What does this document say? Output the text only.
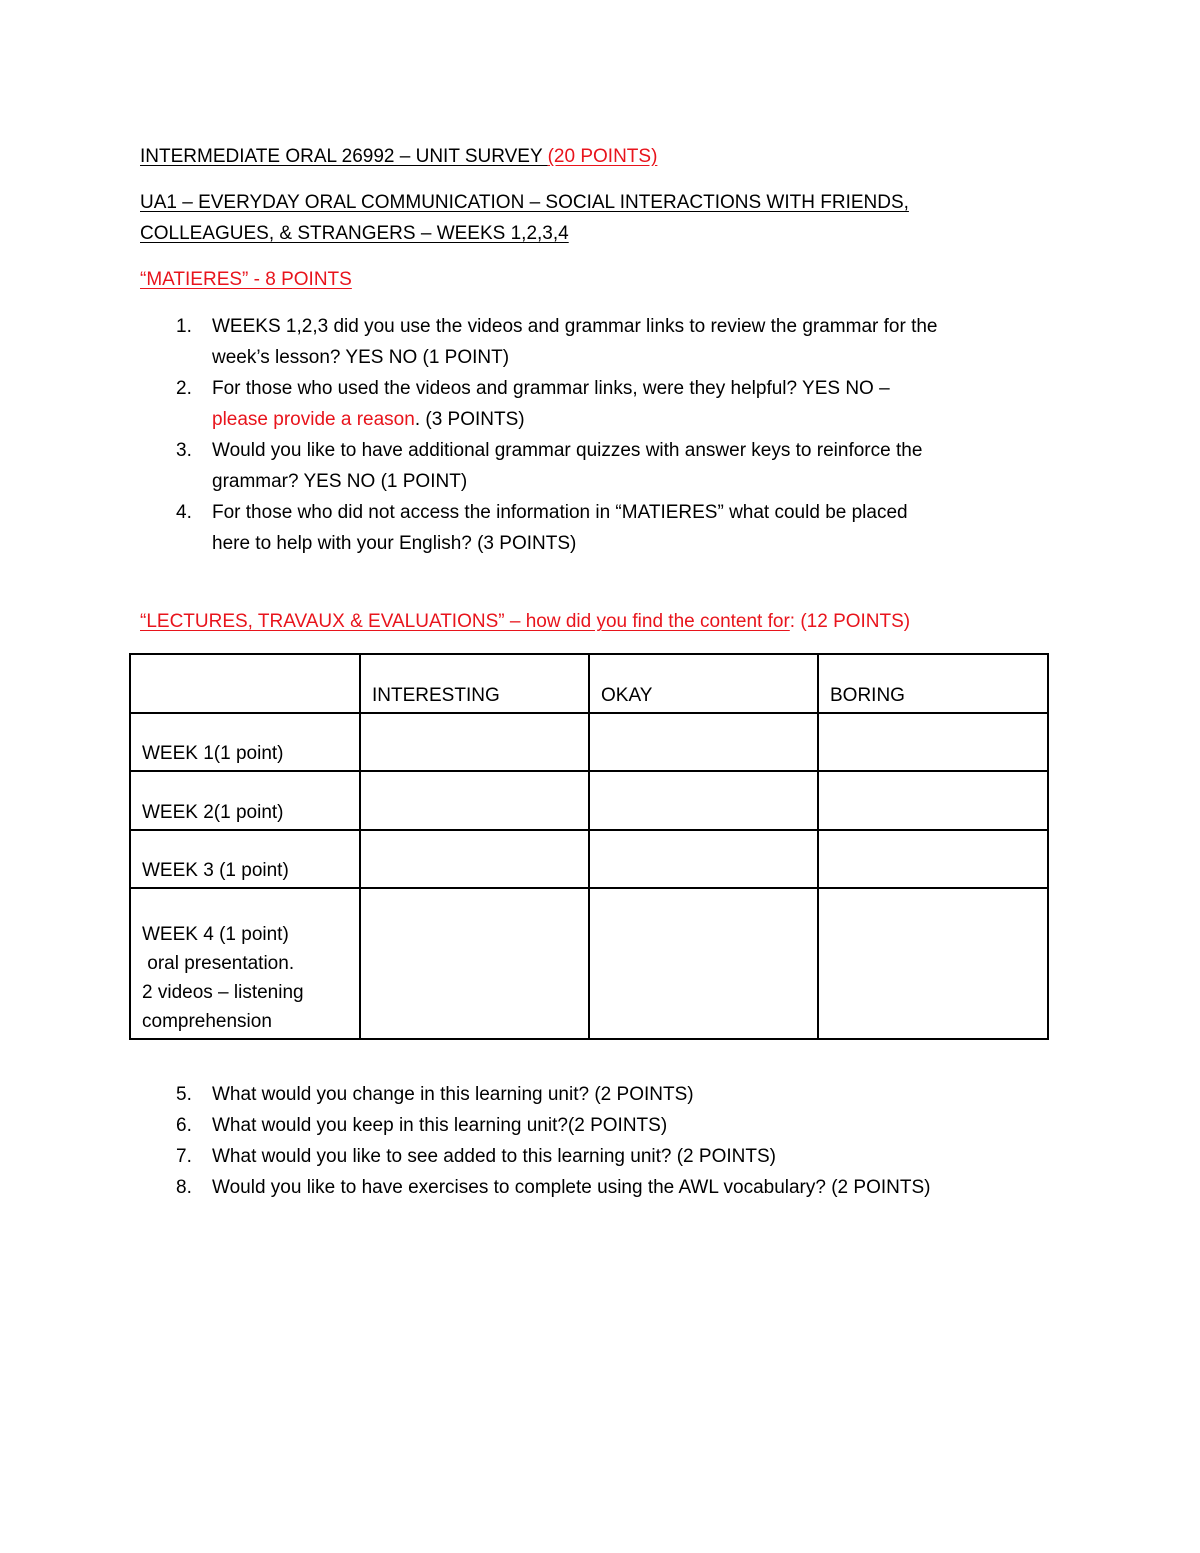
INTERMEDIATE ORAL 26992 – UNIT SURVEY (20 POINTS)
UA1 – EVERYDAY ORAL COMMUNICATION – SOCIAL INTERACTIONS WITH FRIENDS,
COLLEAGUES, & STRANGERS – WEEKS 1,2,3,4
“MATIERES” - 8 POINTS
1. WEEKS 1,2,3 did you use the videos and grammar links to review the grammar for the
week’s lesson? YES NO (1 POINT)
2. For those who used the videos and grammar links, were they helpful? YES NO –
please provide a reason. (3 POINTS)
3. Would you like to have additional grammar quizzes with answer keys to reinforce the
grammar? YES NO (1 POINT)
4. For those who did not access the information in “MATIERES” what could be placed
here to help with your English? (3 POINTS)
“LECTURES, TRAVAUX & EVALUATIONS” – how did you find the content for: (12 POINTS)
	INTERESTING	OKAY	BORING
WEEK 1(1 point)			
WEEK 2(1 point)			
WEEK 3 (1 point)			

WEEK 4 (1 point)
oral presentation.
2 videos – listening
comprehension			

5. What would you change in this learning unit? (2 POINTS)
6. What would you keep in this learning unit?(2 POINTS)
7. What would you like to see added to this learning unit? (2 POINTS)
8. Would you like to have exercises to complete using the AWL vocabulary? (2 POINTS)
